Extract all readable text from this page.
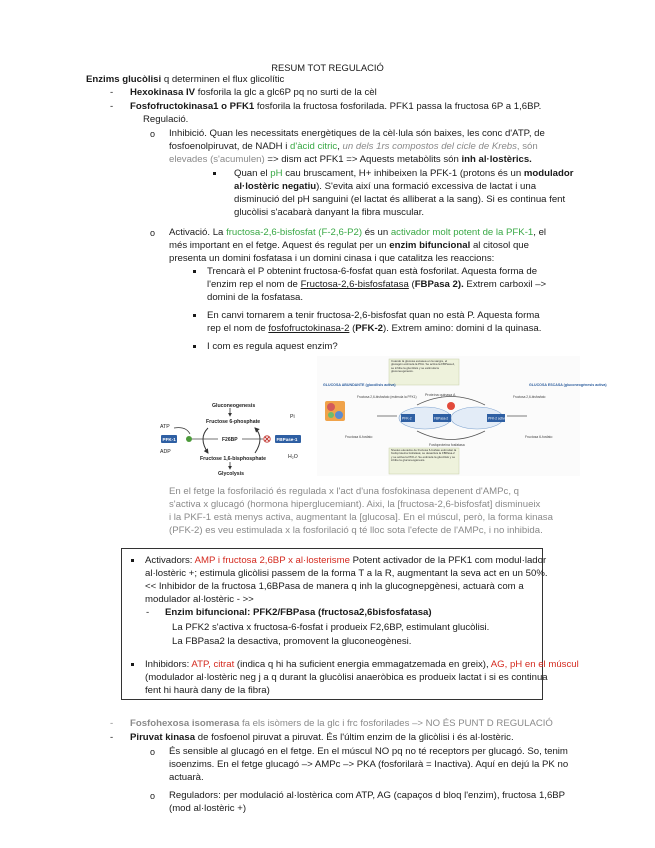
RESUM TOT REGULACIÓ
Enzims glucòlisi q determinen el flux glicolític
- Hexokinasa IV fosforila la glc a glc6P pq no surti de la cèl
- Fosfofructokinasa1 o PFK1 fosforila la fructosa fosforilada. PFK1 passa la fructosa 6P a 1,6BP.
Regulació.
o Inhibició. Quan les necessitats energètiques de la cèl·lula són baixes, les conc d'ATP, de
fosfoenolpiruvat, de NADH i d'àcid citric, un dels 1rs compostos del cicle de Krebs, són
elevades (s'acumulen) => dism act PFK1 => Aquests metabòlits són inh al·lostèrics.
Quan el pH cau bruscament, H+ inhibeixen la PFK-1 (protons és un modulador
al·lostèric negatiu). S'evita així una formació excessiva de lactat i una
disminució del pH sanguini (el lactat és alliberat a la sang). Si es continua fent
glucòlisi s'acabarà danyant la fibra muscular.
o Activació. La fructosa-2,6-bisfosfat (F-2,6-P2) és un activador molt potent de la PFK-1, el
més important en el fetge. Aquest és regulat per un enzim bifuncional al citosol que
presenta un domini fosfatasa i un domini cinasa i que catalitza les reaccions:
Trencarà el P obtenint fructosa-6-fosfat quan està fosforilat. Aquesta forma de
l'enzim rep el nom de Fructosa-2,6-bisfosfatasa (FBPasa 2). Extrem carboxil –>
domini de la fosfatasa.
En canvi tornarem a tenir fructosa-2,6-bisfosfat quan no està P. Aquesta forma
rep el nom de fosfofructokinasa-2 (PFK-2). Extrem amino: domini d la quinasa.
I com es regula aquest enzim?
Gluconeogenesis
Fructose 6-phosphate
Pi
ATP
PFK-1	F26BP	FBPase-1
ADP
H₂O
Fructose 1,6-bisphosphate
Glycolysis
Cuando la glucosa escasea en la sangre, el glucagón estimula la PKA. Se activa la FBPasa-2, se inhibe la glucólisis y se estimula la gluconeogénesis.
GLUCOSA ABUNDANTE (glucólisis activa)	GLUCOSA ESCASA (gluconeogénesis activa)
Proteína quinasa A
Fructosa 2,6-bisfosfato (estimula la PFK1)	Fructosa 2,6-bisfosfato
PFK-2	FBPasa-2	PFK-2 activa
Fosfoproteína fosfatasa
Fructosa 6-fosfato	Fructosa 6-fosfato
Niveles elevados de fructosa 6-fosfato estimulan la fosfoproteína fosfatasa; se desactiva la FBPasa-2 y se activa la PFK-2. Se estimula la glucólisis y se inhibe la gluconeogénesis.
En el fetge la fosforilació és regulada x l'act d'una fosfokinasa depenent d'AMPc, q
s'activa x glucagó (hormona hiperglucemiant). Aixi, la [fructosa-2,6-bisfosfat] disminueix
i la PKF-1 està menys activa, augmentant la [glucosa]. En el múscul, però, la forma kinasa
(PFK-2) es veu estimulada x la fosforilació q té lloc sota l'efecte de l'AMPc, i no inhibida.
Activadors: AMP i fructosa 2,6BP x al·losterisme Potent activador de la PFK1 com modul·lador
al·lostèric +; estimula glicòlisi passem de la forma T a la R, augmentant la seva act en un 50%.
<< Inhibidor de la fructosa 1,6BPasa de manera q inh la glucognepgènesi, actuarà com a
modulador al·lostèric - >>
- Enzim bifuncional: PFK2/FBPasa (fructosa2,6bisfosfatasa)
La PFK2 s'activa x fructosa-6-fosfat i produeix F2,6BP, estimulant glucòlisi.
La FBPasa2 la desactiva, promovent la gluconeogènesi.
Inhibidors: ATP, citrat (indica q hi ha suficient energia emmagatzemada en greix), AG, pH en el múscul
(modulador al·lostèric neg j a q durant la glucòlisi anaeròbica es produeix lactat i si es continua
fent hi haurà dany de la fibra)
- Fosfohexosa isomerasa fa els isòmers de la glc i frc fosforilades –> NO ÉS PUNT D REGULACIÓ
- Piruvat kinasa de fosfoenol piruvat a piruvat. És l'últim enzim de la glicòlisi i és al·lostèric.
o És sensible al glucagó en el fetge. En el múscul NO pq no té receptors per glucagó. So, tenim
isoenzims. En el fetge glucagó –> AMPc –> PKA (fosforilarà = Inactiva). Aquí en dejú la PK no
actuarà.
o Reguladors: per modulació al·lostèrica com ATP, AG (capaços d bloq l'enzim), fructosa 1,6BP
(mod al·lostèric +)
